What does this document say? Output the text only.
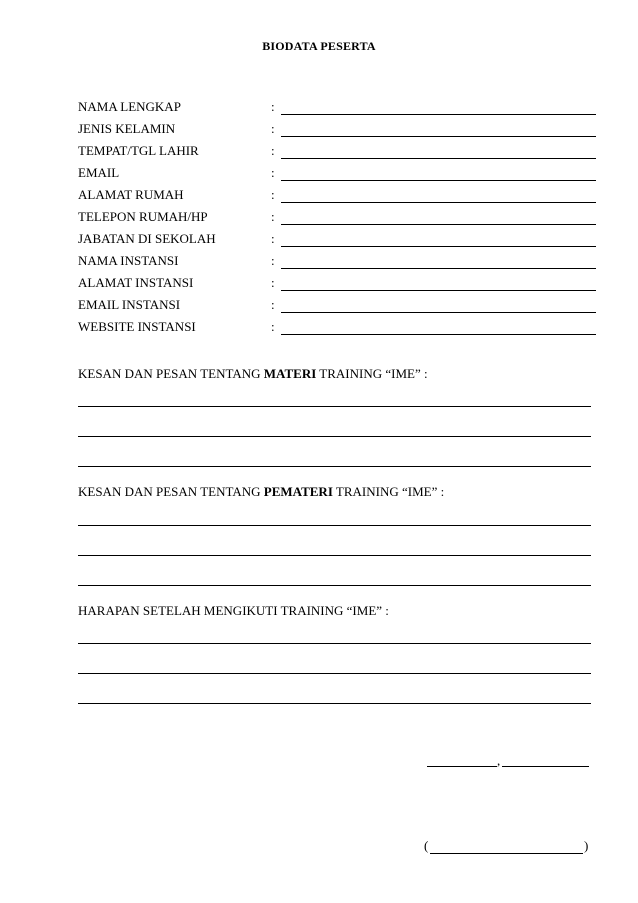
BIODATA PESERTA
NAMA LENGKAP	:
JENIS KELAMIN	:
TEMPAT/TGL LAHIR	:
EMAIL	:
ALAMAT RUMAH	:
TELEPON RUMAH/HP	:
JABATAN DI SEKOLAH	:
NAMA INSTANSI	:
ALAMAT INSTANSI	:
EMAIL INSTANSI	:
WEBSITE INSTANSI	:
KESAN DAN PESAN TENTANG MATERI TRAINING “IME” :
KESAN DAN PESAN TENTANG PEMATERI TRAINING “IME” :
HARAPAN SETELAH MENGIKUTI TRAINING “IME” :
,
(	)
